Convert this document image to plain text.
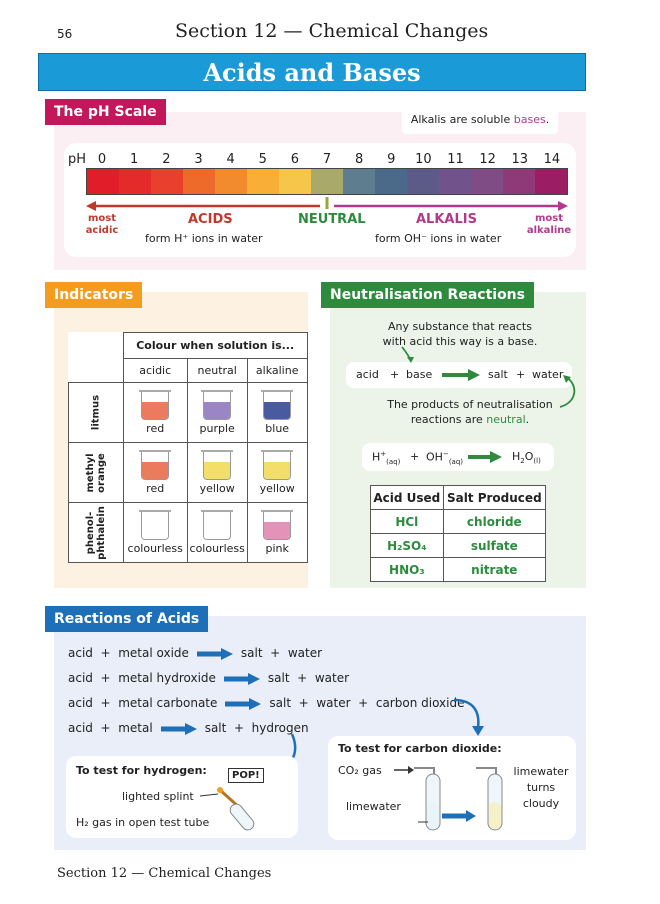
56	Section 12 — Chemical Changes
Acids and Bases
The pH Scale	Alkalis are soluble bases.
pH 0	1	2	3	4	5	6	7	8	9	10	11	12	13	14
most
acidic
ACIDS
form H⁺ ions in water
NEUTRAL	ALKALIS
form OH⁻ ions in water
most
alkaline
Indicators
	Colour when solution is...		
	acidic	neutral	alkaline

litmus	red	purple	blue

methyl orange	red	yellow	yellow

phenol- phthalein	colourless	colourless	pink
Neutralisation Reactions
Any substance that reacts
with acid this way is a base.
acid + base	salt + water
The products of neutralisation
reactions are neutral.
$H^+_{(aq)} + OH^-_{(aq)}$	$H_2O_{(l)}$
Acid Used	Salt Produced
HCl	chloride
H₂SO₄	sulfate
HNO₃	nitrate
Reactions of Acids
acid  +  metal oxide → salt  +  water
acid  +  metal hydroxide → salt  +  water
acid  +  metal carbonate → salt  +  water  +  carbon dioxide
acid  +  metal → salt  +  hydrogen
To test for hydrogen:	POP!
lighted splint
H₂ gas in open test tube
To test for carbon dioxide:
CO₂ gas
limewater
limewater
turns
cloudy
Section 12 — Chemical Changes
